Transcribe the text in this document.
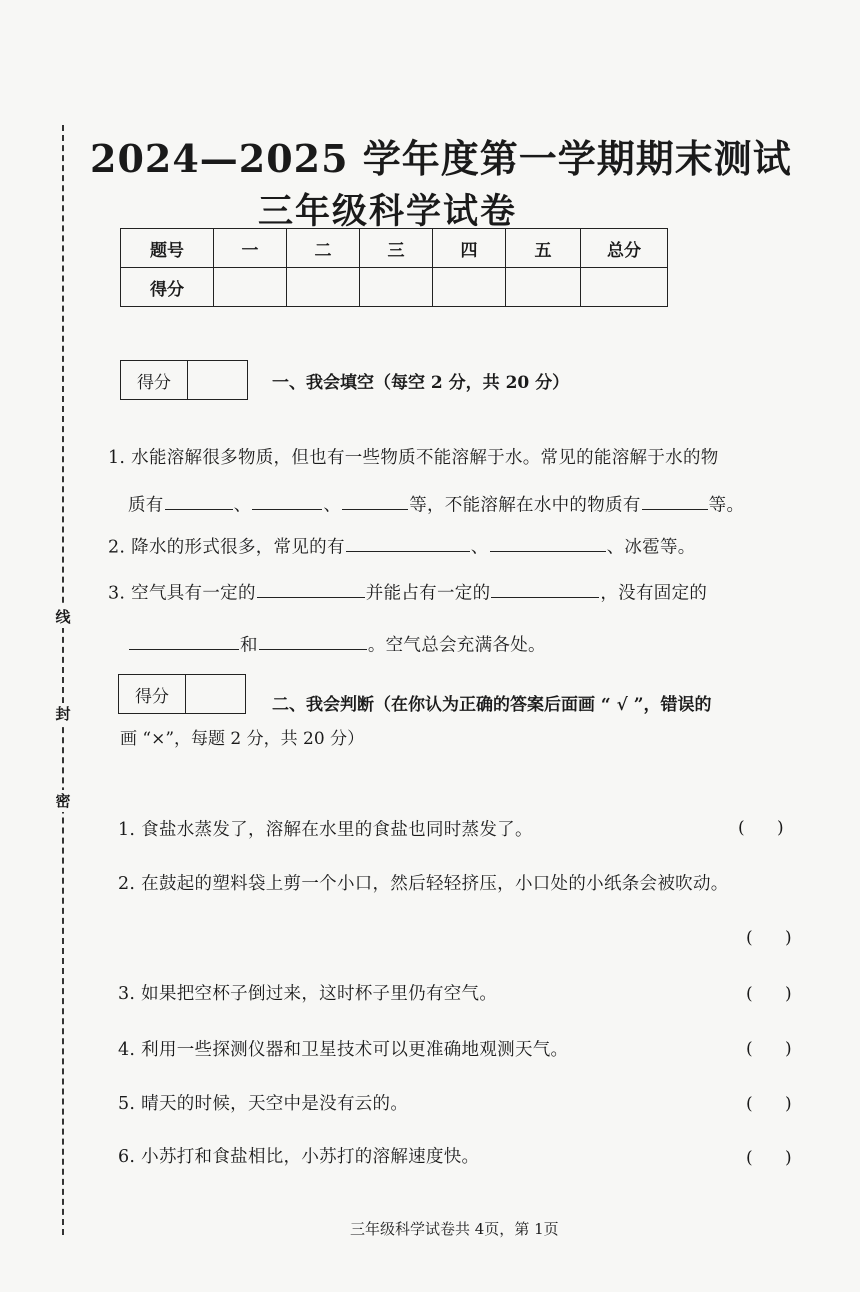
线
封
密
2024—2025 学年度第一学期期末测试
三年级科学试卷
题号	一	二	三	四	五	总分
得分						
得分	一、我会填空（每空 2 分，共 20 分）
1. 水能溶解很多物质，但也有一些物质不能溶解于水。常见的能溶解于水的物
质有	、	、	等，不能溶解在水中的物质有	等。
2. 降水的形式很多，常见的有	、	、冰雹等。
3. 空气具有一定的	并能占有一定的	，没有固定的
和	。空气总会充满各处。
得分	二、我会判断（在你认为正确的答案后面画 “ √ ”，错误的
画 “×”，每题 2 分，共 20 分）
1. 食盐水蒸发了，溶解在水里的食盐也同时蒸发了。	(      )
2. 在鼓起的塑料袋上剪一个小口，然后轻轻挤压，小口处的小纸条会被吹动。
(      )
3. 如果把空杯子倒过来，这时杯子里仍有空气。	(      )
4. 利用一些探测仪器和卫星技术可以更准确地观测天气。	(      )
5. 晴天的时候，天空中是没有云的。	(      )
6. 小苏打和食盐相比，小苏打的溶解速度快。	(      )
三年级科学试卷共 4页，第 1页
